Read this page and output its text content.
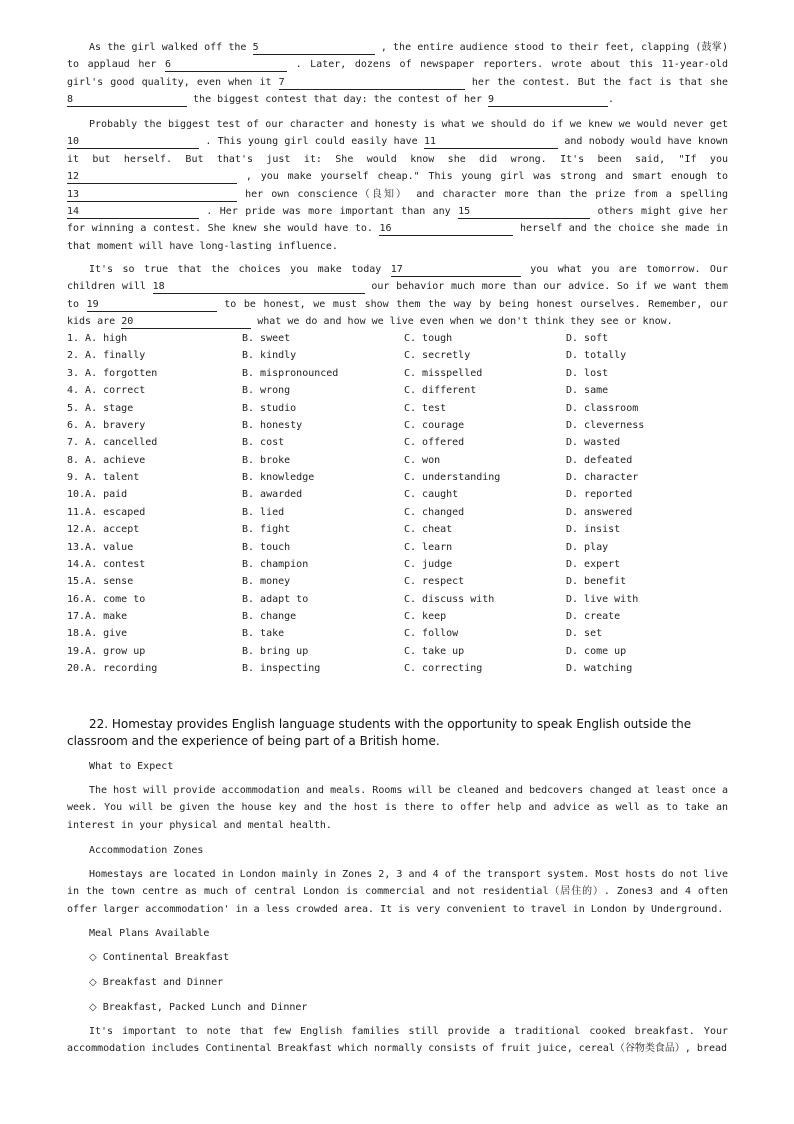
As the girl walked off the 5	, the entire audience stood to their feet, clapping (鼓掌) to applaud her 6	. Later, dozens of newspaper reporters. wrote about this 11-year-old girl's good quality, even when it 7	her the contest. But the fact is that she 8	the biggest contest that day: the contest of her 9	.
Probably the biggest test of our character and honesty is what we should do if we knew we would never get 10	. This young girl could easily have 11	and nobody would have known it but herself. But that's just it: She would know she did wrong. It's been said, "If you 12	, you make yourself cheap." This young girl was strong and smart enough to 13	her own conscience（良知） and character more than the prize from a spelling 14	. Her pride was more important than any 15	others might give her for winning a contest. She knew she would have to. 16	herself and the choice she made in that moment will have long-lasting influence.
It's so true that the choices you make today 17	you what you are tomorrow. Our children will 18	our behavior much more than our advice. So if we want them to 19	to be honest, we must show them the way by being honest ourselves. Remember, our kids are 20	what we do and how we live even when we don't think they see or know.
1. A. high	B. sweet	C. tough	D. soft
2. A. finally	B. kindly	C. secretly	D. totally
3. A. forgotten	B. mispronounced	C. misspelled	D. lost
4. A. correct	B. wrong	C. different	D. same
5. A. stage	B. studio	C. test	D. classroom
6. A. bravery	B. honesty	C. courage	D. cleverness
7. A. cancelled	B. cost	C. offered	D. wasted
8. A. achieve	B. broke	C. won	D. defeated
9. A. talent	B. knowledge	C. understanding	D. character
10.A. paid	B. awarded	C. caught	D. reported
11.A. escaped	B. lied	C. changed	D. answered
12.A. accept	B. fight	C. cheat	D. insist
13.A. value	B. touch	C. learn	D. play
14.A. contest	B. champion	C. judge	D. expert
15.A. sense	B. money	C. respect	D. benefit
16.A. come to	B. adapt to	C. discuss with	D. live with
17.A. make	B. change	C. keep	D. create
18.A. give	B. take	C. follow	D. set
19.A. grow up	B. bring up	C. take up	D. come up
20.A. recording	B. inspecting	C. correcting	D. watching
22. Homestay provides English language students with the opportunity to speak English outside the classroom and the experience of being part of a British home.
What to Expect
The host will provide accommodation and meals. Rooms will be cleaned and bedcovers changed at least once a week. You will be given the house key and the host is there to offer help and advice as well as to take an interest in your physical and mental health.
Accommodation Zones
Homestays are located in London mainly in Zones 2, 3 and 4 of the transport system. Most hosts do not live in the town centre as much of central London is commercial and not residential（居住的）. Zones3 and 4 often offer larger accommodation' in a less crowded area. It is very convenient to travel in London by Underground.
Meal Plans Available
◇ Continental Breakfast
◇ Breakfast and Dinner
◇ Breakfast, Packed Lunch and Dinner
It's important to note that few English families still provide a traditional cooked breakfast. Your accommodation includes Continental Breakfast which normally consists of fruit juice, cereal（谷物类食品）, bread
